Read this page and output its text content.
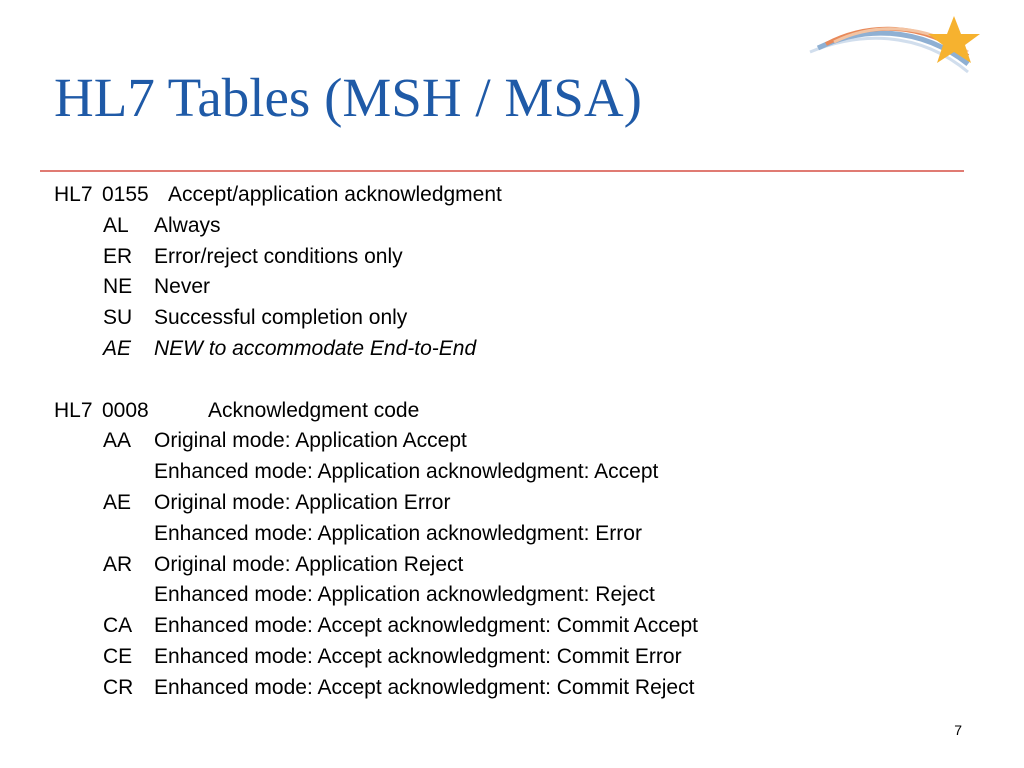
HL7 Tables (MSH / MSA)
HL7 0155 Accept/application acknowledgment
AL Always
ER Error/reject conditions only
NE Never
SU Successful completion only
AE NEW to accommodate End-to-End
HL7 0008	Acknowledgment code
AA Original mode: Application Accept
Enhanced mode: Application acknowledgment: Accept
AE Original mode: Application Error
Enhanced mode: Application acknowledgment: Error
AR Original mode: Application Reject
Enhanced mode: Application acknowledgment: Reject
CA Enhanced mode: Accept acknowledgment: Commit Accept
CE Enhanced mode: Accept acknowledgment: Commit Error
CR Enhanced mode: Accept acknowledgment: Commit Reject
7
